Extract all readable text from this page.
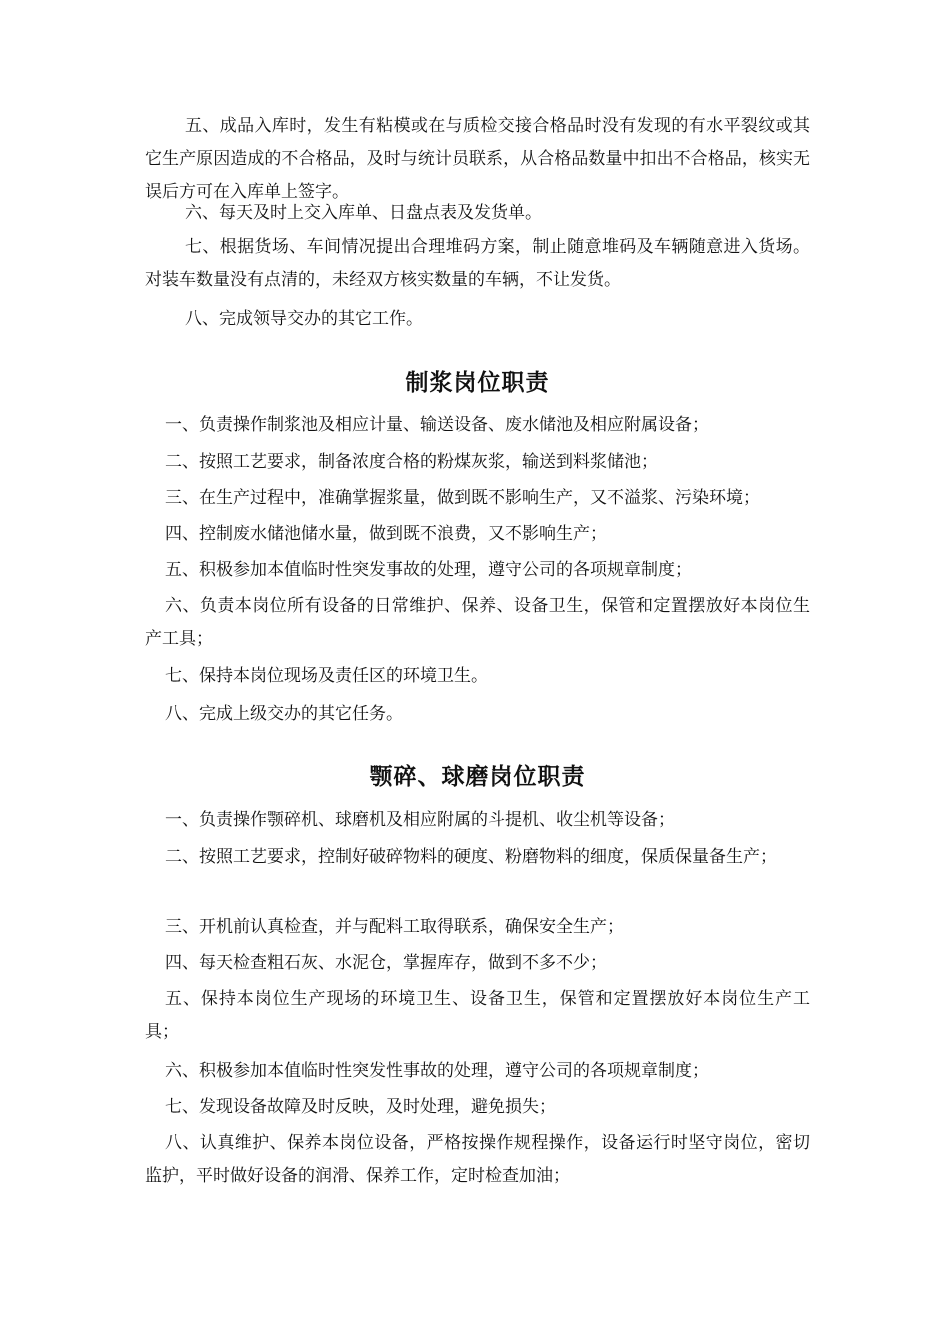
五、成品入库时，发生有粘模或在与质检交接合格品时没有发现的有水平裂纹或其它生产原因造成的不合格品，及时与统计员联系，从合格品数量中扣出不合格品，核实无误后方可在入库单上签字。

六、每天及时上交入库单、日盘点表及发货单。

七、根据货场、车间情况提出合理堆码方案，制止随意堆码及车辆随意进入货场。对装车数量没有点清的，未经双方核实数量的车辆，不让发货。

八、完成领导交办的其它工作。

制浆岗位职责

一、负责操作制浆池及相应计量、输送设备、废水储池及相应附属设备；

二、按照工艺要求，制备浓度合格的粉煤灰浆，输送到料浆储池；

三、在生产过程中，准确掌握浆量，做到既不影响生产，又不溢浆、污染环境；

四、控制废水储池储水量，做到既不浪费，又不影响生产；

五、积极参加本值临时性突发事故的处理，遵守公司的各项规章制度；

六、负责本岗位所有设备的日常维护、保养、设备卫生，保管和定置摆放好本岗位生产工具；

七、保持本岗位现场及责任区的环境卫生。

八、完成上级交办的其它任务。

颚碎、球磨岗位职责

一、负责操作颚碎机、球磨机及相应附属的斗提机、收尘机等设备；

二、按照工艺要求，控制好破碎物料的硬度、粉磨物料的细度，保质保量备生产；

三、开机前认真检查，并与配料工取得联系，确保安全生产；

四、每天检查粗石灰、水泥仓，掌握库存，做到不多不少；

五、保持本岗位生产现场的环境卫生、设备卫生，保管和定置摆放好本岗位生产工具；

六、积极参加本值临时性突发性事故的处理，遵守公司的各项规章制度；

七、发现设备故障及时反映，及时处理，避免损失；

八、认真维护、保养本岗位设备，严格按操作规程操作，设备运行时坚守岗位，密切监护，平时做好设备的润滑、保养工作，定时检查加油；
